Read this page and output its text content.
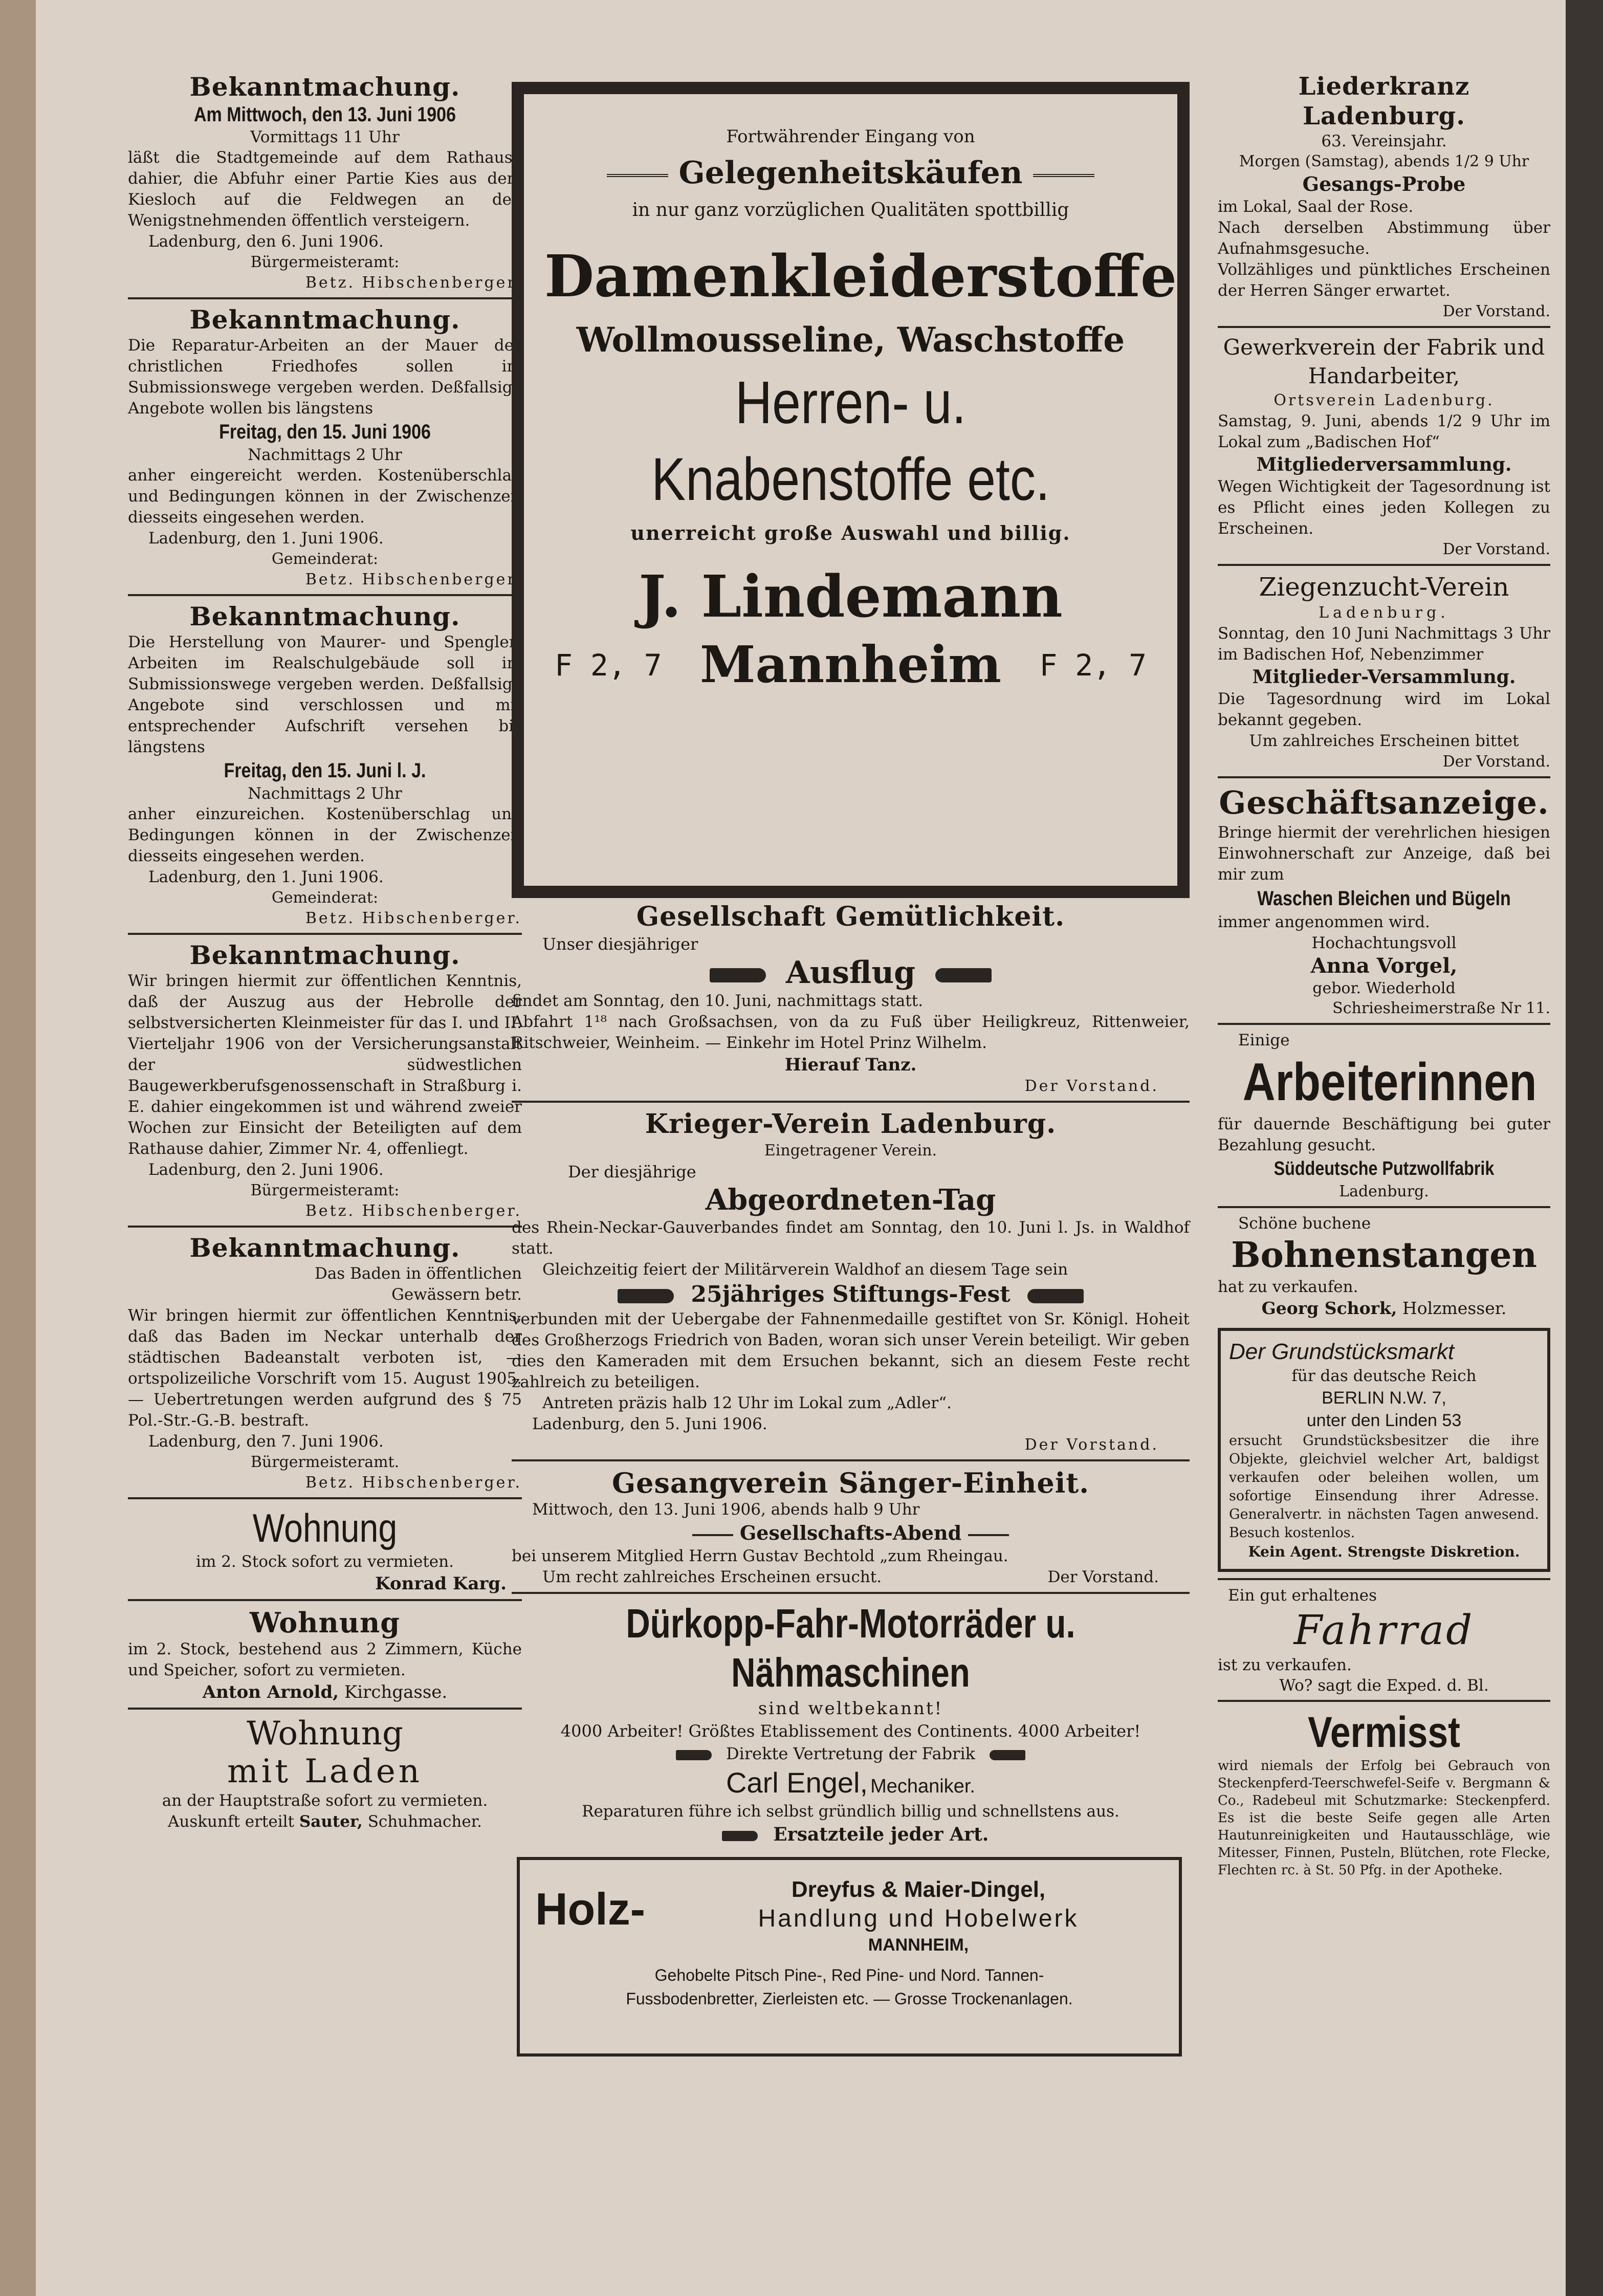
Bekanntmachung.
Am Mittwoch, den 13. Juni 1906
Vormittags 11 Uhr
läßt die Stadtgemeinde auf dem Rathause dahier, die Abfuhr einer Partie Kies aus dem Kiesloch auf die Feldwegen an den Wenigstnehmenden öffentlich versteigern.
Ladenburg, den 6. Juni 1906.
Bürgermeisteramt:
Betz. Hibschenberger.
Bekanntmachung.
Die Reparatur-Arbeiten an der Mauer des christlichen Friedhofes sollen im Submissionswege vergeben werden. Deßfallsige Angebote wollen bis längstens
Freitag, den 15. Juni 1906
Nachmittags 2 Uhr
anher eingereicht werden. Kostenüberschlag und Bedingungen können in der Zwischenzeit diesseits eingesehen werden.
Ladenburg, den 1. Juni 1906.
Gemeinderat:
Betz. Hibschenberger.
Bekanntmachung.
Die Herstellung von Maurer- und Spengler-Arbeiten im Realschulgebäude soll im Submissionswege vergeben werden. Deßfallsige Angebote sind verschlossen und mit entsprechender Aufschrift versehen bis längstens
Freitag, den 15. Juni l. J.
Nachmittags 2 Uhr
anher einzureichen. Kostenüberschlag und Bedingungen können in der Zwischenzeit diesseits eingesehen werden.
Ladenburg, den 1. Juni 1906.
Gemeinderat:
Betz. Hibschenberger.
Bekanntmachung.
Wir bringen hiermit zur öffentlichen Kenntnis, daß der Auszug aus der Hebrolle der selbstversicherten Kleinmeister für das I. und II. Vierteljahr 1906 von der Versicherungsanstalt der südwestlichen Baugewerkberufsgenossenschaft in Straßburg i. E. dahier eingekommen ist und während zweier Wochen zur Einsicht der Beteiligten auf dem Rathause dahier, Zimmer Nr. 4, offenliegt.
Ladenburg, den 2. Juni 1906.
Bürgermeisteramt:
Betz. Hibschenberger.
Bekanntmachung.
Das Baden in öffentlichen Gewässern betr.
Wir bringen hiermit zur öffentlichen Kenntnis, daß das Baden im Neckar unterhalb der städtischen Badeanstalt verboten ist, — ortspolizeiliche Vorschrift vom 15. August 1905. — Uebertretungen werden aufgrund des § 75 Pol.-Str.-G.-B. bestraft.
Ladenburg, den 7. Juni 1906.
Bürgermeisteramt.
Betz. Hibschenberger.
Wohnung
im 2. Stock sofort zu vermieten.
Konrad Karg.
Wohnung
im 2. Stock, bestehend aus 2 Zimmern, Küche und Speicher, sofort zu vermieten.
Anton Arnold, Kirchgasse.
Wohnung
mit Laden
an der Hauptstraße sofort zu vermieten.
Auskunft erteilt Sauter, Schuhmacher.
Fortwährender Eingang von
Gelegenheitskäufen
in nur ganz vorzüglichen Qualitäten spottbillig
Damenkleiderstoffe
Wollmousseline, Waschstoffe
Herren- u. Knabenstoffe etc.
unerreicht große Auswahl und billig.
J. Lindemann
F 2, 7 Mannheim F 2, 7
Gesellschaft Gemütlichkeit.
Unser diesjähriger
Ausflug
findet am Sonntag, den 10. Juni, nachmittags statt.
Abfahrt 1¹⁸ nach Großsachsen, von da zu Fuß über Heiligkreuz, Rittenweier, Ritschweier, Weinheim. — Einkehr im Hotel Prinz Wilhelm.
Hierauf Tanz.
Der Vorstand.
Krieger-Verein Ladenburg.
Eingetragener Verein.
Der diesjährige
Abgeordneten-Tag
des Rhein-Neckar-Gauverbandes findet am Sonntag, den 10. Juni l. Js. in Waldhof statt.
Gleichzeitig feiert der Militärverein Waldhof an diesem Tage sein
25jähriges Stiftungs-Fest
verbunden mit der Uebergabe der Fahnenmedaille gestiftet von Sr. Königl. Hoheit des Großherzogs Friedrich von Baden, woran sich unser Verein beteiligt. Wir geben dies den Kameraden mit dem Ersuchen bekannt, sich an diesem Feste recht zahlreich zu beteiligen.
Antreten präzis halb 12 Uhr im Lokal zum „Adler“.
Ladenburg, den 5. Juni 1906.
Der Vorstand.
Gesangverein Sänger-Einheit.
Mittwoch, den 13. Juni 1906, abends halb 9 Uhr
Gesellschafts-Abend
bei unserem Mitglied Herrn Gustav Bechtold „zum Rheingau.
Um recht zahlreiches Erscheinen ersucht.	Der Vorstand.
Dürkopp-Fahr-Motorräder u.
Nähmaschinen
sind weltbekannt!
4000 Arbeiter! Größtes Etablissement des Continents. 4000 Arbeiter!
Direkte Vertretung der Fabrik
Carl Engel, Mechaniker.
Reparaturen führe ich selbst gründlich billig und schnellstens aus.
Ersatzteile jeder Art.
Holz-	Dreyfus & Maier-Dingel,
Handlung und Hobelwerk
MANNHEIM,
Gehobelte Pitsch Pine-, Red Pine- und Nord. Tannen-
Fussbodenbretter, Zierleisten etc. — Grosse Trockenanlagen.
Liederkranz Ladenburg.
63. Vereinsjahr.
Morgen (Samstag), abends 1/2 9 Uhr
Gesangs-Probe
im Lokal, Saal der Rose.
Nach derselben Abstimmung über Aufnahmsgesuche.
Vollzähliges und pünktliches Erscheinen der Herren Sänger erwartet.
Der Vorstand.
Gewerkverein der Fabrik und Handarbeiter,
Ortsverein Ladenburg.
Samstag, 9. Juni, abends 1/2 9 Uhr im Lokal zum „Badischen Hof“
Mitgliederversammlung.
Wegen Wichtigkeit der Tagesordnung ist es Pflicht eines jeden Kollegen zu Erscheinen.
Der Vorstand.
Ziegenzucht-Verein
Ladenburg.
Sonntag, den 10 Juni Nachmittags 3 Uhr im Badischen Hof, Nebenzimmer
Mitglieder-Versammlung.
Die Tagesordnung wird im Lokal bekannt gegeben.
Um zahlreiches Erscheinen bittet
Der Vorstand.
Geschäftsanzeige.
Bringe hiermit der verehrlichen hiesigen Einwohnerschaft zur Anzeige, daß bei mir zum
Waschen Bleichen und Bügeln
immer angenommen wird.
Hochachtungsvoll
Anna Vorgel,
gebor. Wiederhold
Schriesheimerstraße Nr 11.
Einige
Arbeiterinnen
für dauernde Beschäftigung bei guter Bezahlung gesucht.
Süddeutsche Putzwollfabrik
Ladenburg.
Schöne buchene
Bohnenstangen
hat zu verkaufen.
Georg Schork, Holzmesser.
Der Grundstücksmarkt
für das deutsche Reich
BERLIN N.W. 7,
unter den Linden 53
ersucht Grundstücksbesitzer die ihre Objekte, gleichviel welcher Art, baldigst verkaufen oder beleihen wollen, um sofortige Einsendung ihrer Adresse. Generalvertr. in nächsten Tagen anwesend. Besuch kostenlos.
Kein Agent. Strengste Diskretion.
Ein gut erhaltenes
Fahrrad
ist zu verkaufen.
Wo? sagt die Exped. d. Bl.
Vermisst
wird niemals der Erfolg bei Gebrauch von Steckenpferd-Teerschwefel-Seife v. Bergmann & Co., Radebeul mit Schutzmarke: Steckenpferd. Es ist die beste Seife gegen alle Arten Hautunreinigkeiten und Hautausschläge, wie Mitesser, Finnen, Pusteln, Blütchen, rote Flecke, Flechten rc. à St. 50 Pfg. in der Apotheke.
